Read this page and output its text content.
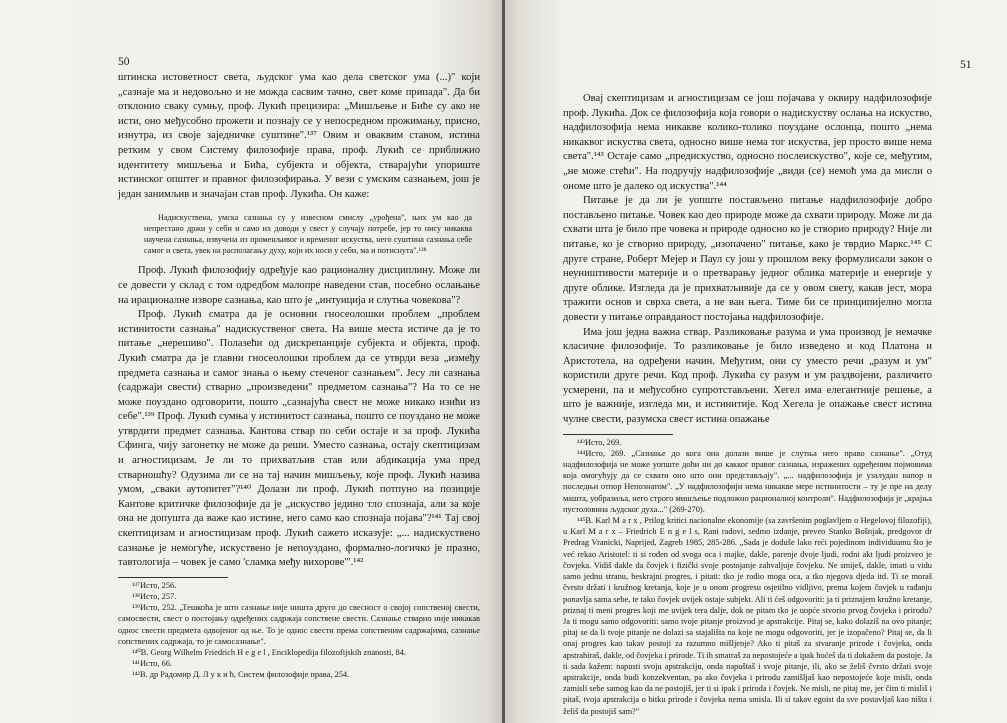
50

штинска истоветност света, људског ума као дела светског ума (...)" који „сазнаје ма и недовољно и не можда сасвим тачно, свет коме припада". Да би отклонио сваку сумњу, проф. Лукић прецизира: „Мишљење и Биће су ако не исти, оно међусобно прожети и познају се у непосредном прожимању, присно, изнутра, из своје заједничке суштине".¹³⁷ Овим и оваквим ставом, истина ретким у свом Систему филозофије права, проф. Лукић се приближио идентитету мишљења и Бића, субјекта и објекта, стварајући упориште истинског општег и правног филозофирања. У вези с умским сазнањем, још је један занимљив и значајан став проф. Лукића. Он каже:

Надискуствена, умска сазнања су у извесном смислу „урођена", њих ум као да непрестано држи у себи и само их доводи у свест у случају потребе, јер то нису никаква научена сазнања, извучена из променљивог и временог искуства, него суштина сазнања себе самог и света, увек на располагању духу, који их носи у себи, ма и потиснута".¹³⁸

Проф. Лукић филозофију одређује као рационалну дисциплину. Може ли се довести у склад с том одредбом малопре наведени став, посебно ослањање на ирационалне изворе сазнања, као што је „интуиција и слутња човекова"?

Проф. Лукић сматра да је основни гносеолошки проблем „проблем истинитости сазнања" надискуственог света. На више места истиче да је то питање „нерешиво". Полазећи од дискрепанције субјекта и објекта, проф. Лукић сматра да је главни гносеолошки проблем да се утврди веза „између предмета сазнања и самог знања о њему стеченог сазнањем". Јесу ли сазнања (садржаји свести) стварно „произведени" предметом сазнања"? На то се не може поуздано одговорити, пошто „сазнајућа свест не може никако изићи из себе".¹³⁹ Проф. Лукић сумња у истинитост сазнања, пошто се поуздано не може утврдити предмет сазнања. Кантова ствар по себи остаје и за проф. Лукића Сфинга, чију загонетку не може да реши. Уместо сазнања, остају скептицизам и агностицизам. Је ли то прихватљив став или абдикација ума пред стварношћу? Одузима ли се на тај начин мишљењу, које проф. Лукић назива умом, „сваки аутопитет"?¹⁴⁰ Долази ли проф. Лукић потпуно на позиције Кантове критичке филозофије да је „искуство једино тло спознаја, али за које она не допушта да важе као истине, него само као спознаја појава"?¹⁴¹ Тај свој скептицизам и агностицизам проф. Лукић сажето исказује: „... надискуствено сазнање је немогуће, искуствено је непоуздано, формално-логичко је празно, тавтологија – човек је само 'сламка међу вихорове'".¹⁴²

¹³⁷Исто, 256.

¹³⁸Исто, 257.

¹³⁹Исто, 252. „Тешкоћа је што сазнање није ништа друго до свесност о својој сопственој свести, самосвести, свест о постојању одређених садржаја сопствене свести. Сазнање стварно није никакав однос свести предмета одвојеног од ње. То је однос свести према сопственим садржајима, сазнање сопствених садржаја, то је самосазнање".

¹⁴⁰В. Georg Wilhelm Friedrich H e g e l , Enciklopedija filozofijskih znanosti, 84.

¹⁴¹Исто, 66.

¹⁴²В. др Радомир Д. Л у к и ћ, Систем филозофије права, 254.

51

Овај скептицизам и агностицизам се још појачава у оквиру надфилозофије проф. Лукића. Док се филозофија која говори о надискуству ослања на искуство, надфилозофија нема никакве колико-толико поуздане ослонца, пошто „нема никаквог искуства света, односно више нема тог искуства, јер просто више нема света".¹⁴³ Остаје само „предискуство, односно послеискуство", које се, међутим, „не може стећи". На подручју надфилозофије „види (се) немоћ ума да мисли о ономе што је далеко од искуства".¹⁴⁴

Питање је да ли је уопште постављено питање надфилозофије добро постављено питање. Човек као део природе може да схвати природу. Може ли да схвати шта је било пре човека и природе односно ко је створио природу? Није ли питање, ко је створио природу, „изопачено" питање, како је тврдио Маркс.¹⁴⁵ С друге стране, Роберт Мејер и Паул су још у прошлом веку формулисали закон о неуништивости материје и о претварању једног облика материје и енергије у друге облике. Изгледа да је прихватљивије да се у овом свету, какав јест, мора тражити основ и сврха света, а не ван њега. Тиме би се принципијелно могла довести у питање оправданост постојања надфилозофије.

Има још једна важна ствар. Разликовање разума и ума производ је немачке класичне филозофије. То разликовање је било изведено и код Платона и Аристотела, на одређени начин. Међутим, они су уместо речи „разум и ум" користили друге речи. Код проф. Лукића су разум и ум раздвојени, различито усмерени, па и међусобно супротстављени. Хегел има елегантније решење, а што је важније, изгледа ми, и истинитије. Код Хегела је опажање свест истина чулне свести, разумска свест истина опажање

¹⁴³Исто, 269.

¹⁴⁴Исто, 269. „Сазнање до кога она долази више је слутња него право сазнање". „Отуд надфилозофија не може уопште доћи ни до какког правог сазнања, изражених одређеним појмовима која омогућују да се схвати оно што они представљају". „... надфилозофија је узалудан напор и последњи отпор Непознатом". „У надфилозофији нема никакве мере истинитости – ту је пре на делу машта, уобразиља, него строго мишљење подложно рационалној контроли". Надфилозофија је „крајња пустоловина људског духа..." (269-270).

¹⁴⁵В. Karl M a r x , Prilog kritici nacionalne ekonomije (sa završenim poglavljem o Hegelovoj filozofiji), u Karl M a r x – Friedrich E n g e l s, Rani radovi, sedmo izdanje, preveo Stanko Bošnjak, predgovor dr Predrag Vranicki, Naprijed, Zagreb 1985, 285-286. „Sada je dodušе lako reći pojedinom individuumu što je već rekao Aristotel: ti si rođen od svoga oca i majke, dakle, parenje dvoje ljudi, rodni akt ljudi proizveo je čovjeka. Vidiš dakle da čovjek i fizički svoje postojanje zahvaljuje čovjeku. Ne smiješ, dakle, imati u vidu samo jednu stranu, beskrajni progres, i pitati: tko je rodio moga oca, a tko njegova djeda itd. Ti se moraš čvrsto držati i kružnog kretanja, koje je u onom progresu osjetilno vidljivo, prema kojem čovjek u rađanju ponavlja sama sebe, te tako čovjek uvijek ostaje subjekt. Ali ti ćeš odgovoriti: ja ti priznajem kružno kretanje, priznaj ti meni progres koji me uvijek tera dalje, dok ne pitam tko je uopće stvorio prvog čovjeka i prirodu? Ja ti mogu samo odgovoriti: samo tvoje pitanje proizvod je apstrakcije. Pitaj se, kako dolaziš na ovo pitanje; pitaj se da li tvoje pitanje ne dolazi sa stajališta na koje ne mogu odgovoriti, jer je izopačeno? Pitaj se, da li onaj progres kao takav postoji za razumno mišljenje? Ako ti pitaš za stvaranje prirode i čovjeka, onda apstrahiraš, dakle, od čovjeka i prirode. Ti ih smatraš za nepostojeće a ipak hoćeš da ti dokažem da postoje. Ja ti sada kažem: napusti svoju apstrakciju, onda napuštaš i svoje pitanje, ili, ako se želiš čvrsto držati svoje apstrakcije, onda budi konzekventan, pa ako čovjeka i prirodu zamišljaš kao nepostojeće koje misli, onda zamisli sebe samog kao da ne postojiš, jer ti si ipak i priroda i čovjek. Ne misli, ne pitaj me, jer čim ti misliš i pitaš, tvoja apstrakcija o bitku prirode i čovjeka nema smisla. Ili si takav egoist da sve postavljaš kao ništa i želiš da postojiš sam?"
